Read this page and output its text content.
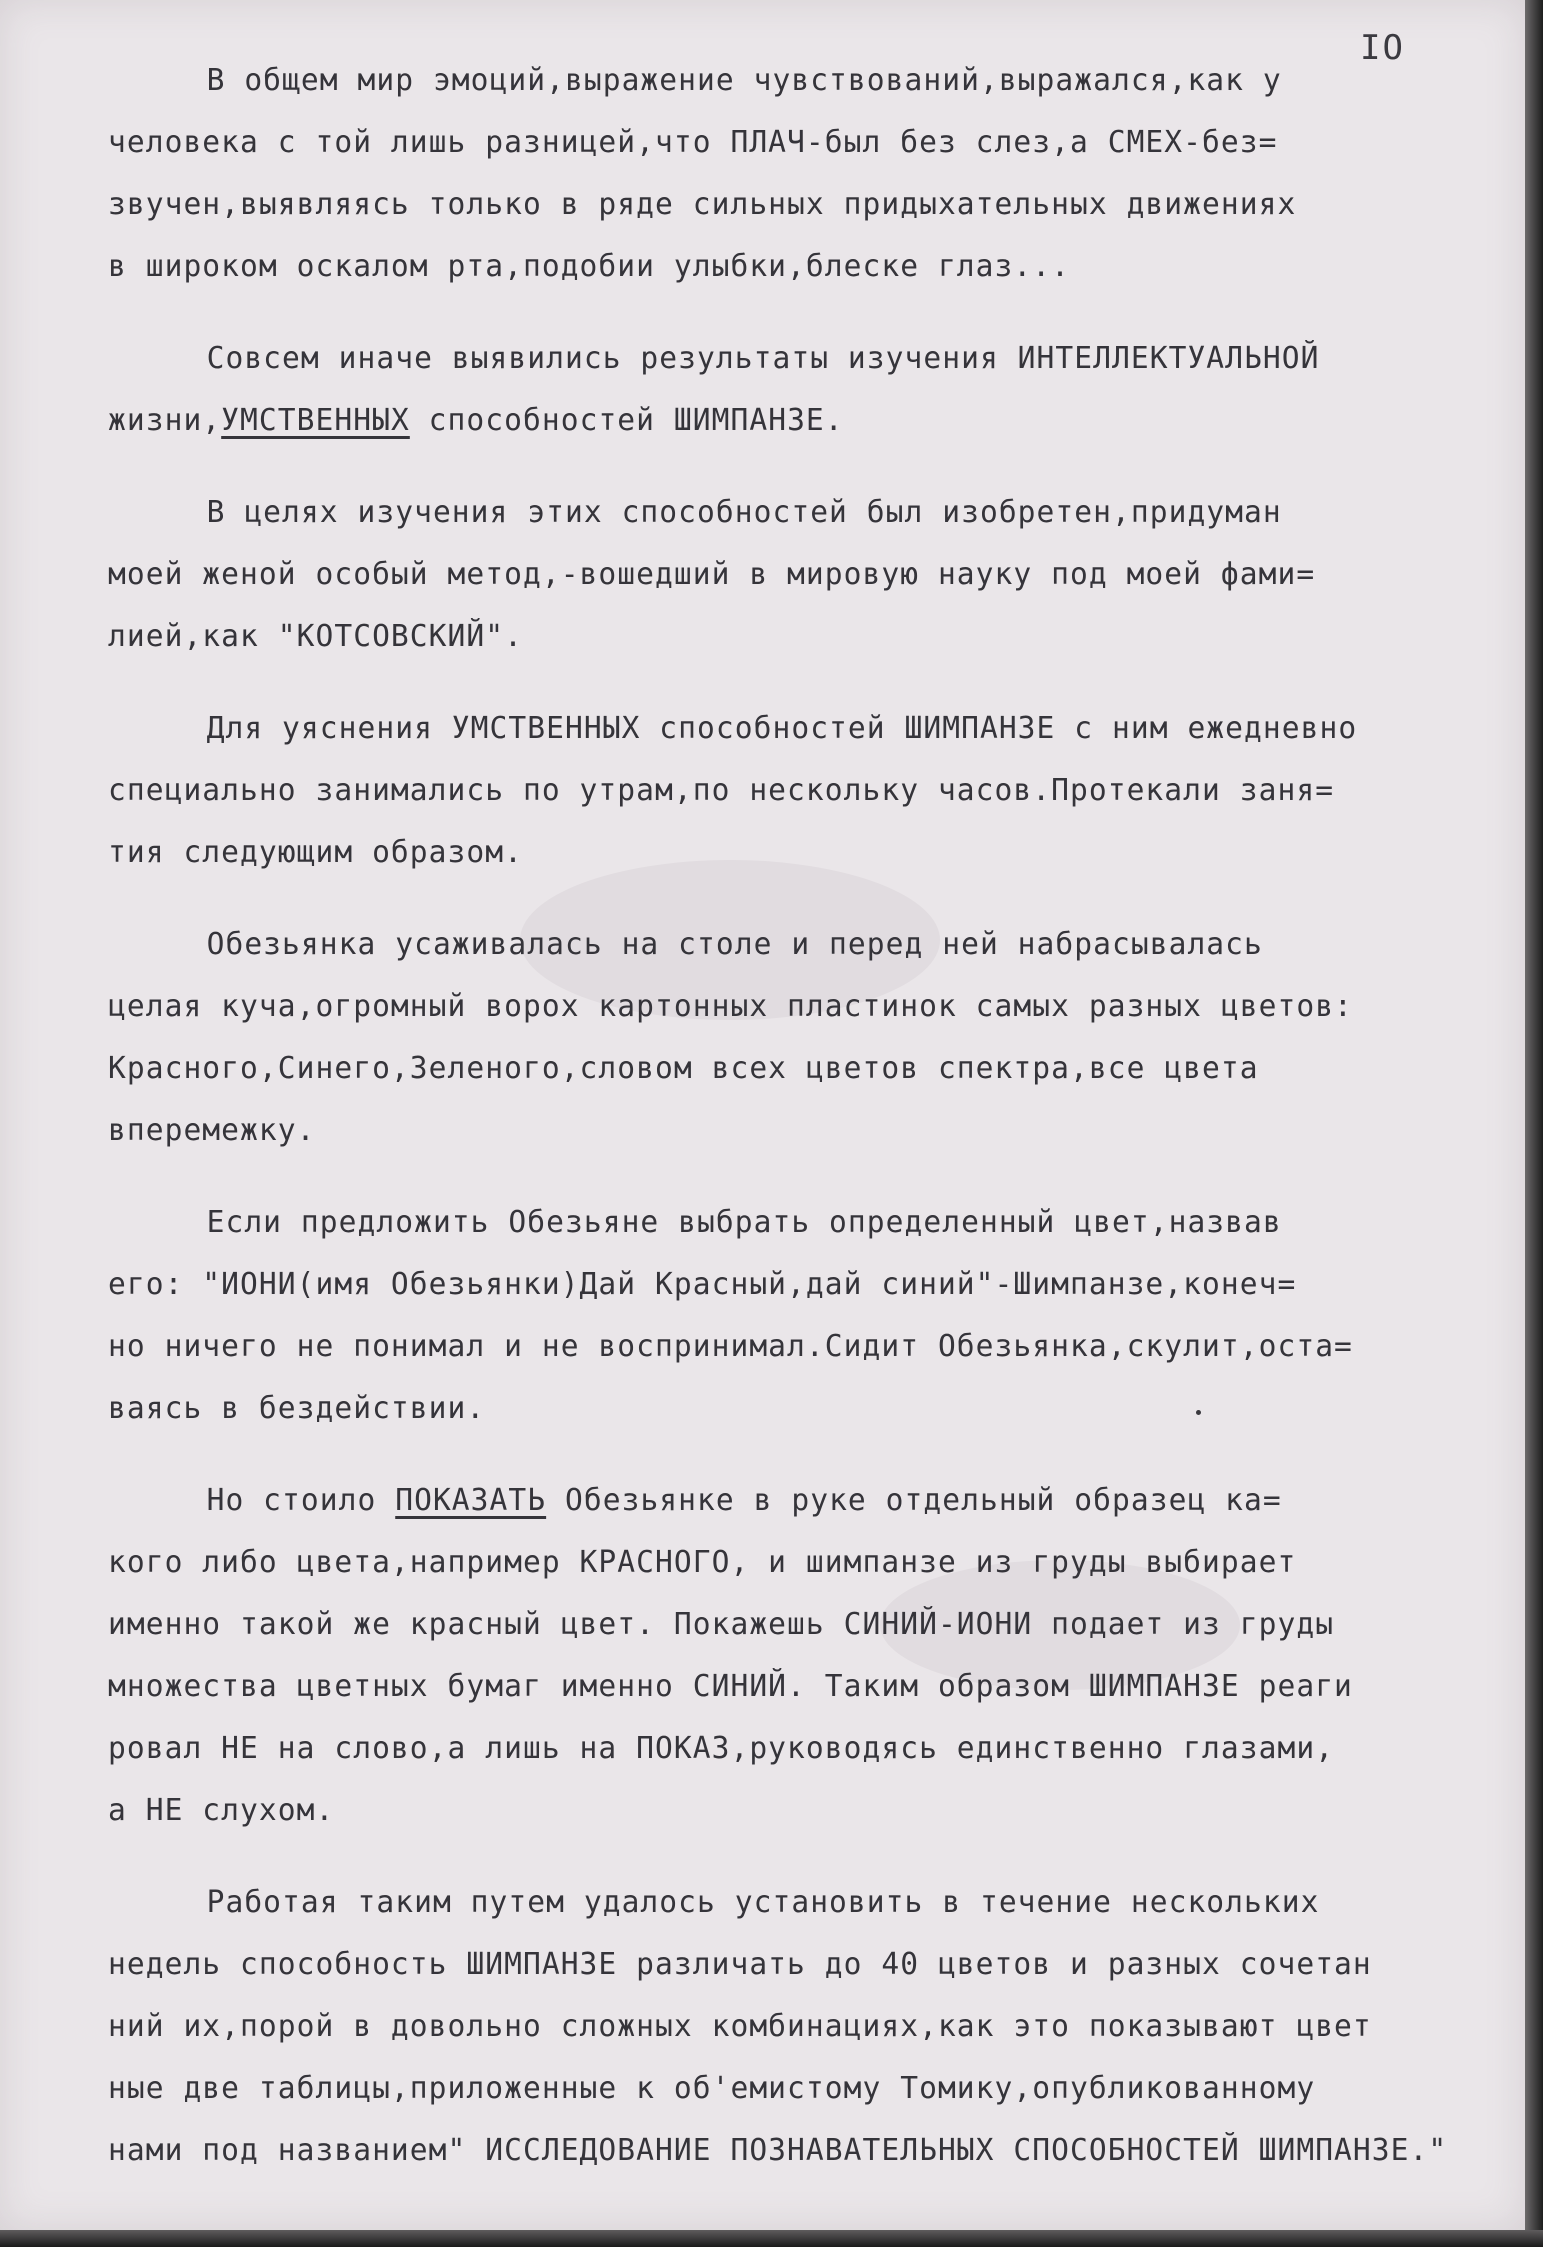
IO
В общем мир эмоций,выражение чувствований,выражался,как у
человека с той лишь разницей,что ПЛАЧ-был без слез,а СМЕХ-без=
звучен,выявляясь только в ряде сильных придыхательных движениях
в широком оскалом рта,подобии улыбки,блеске глаз...
Совсем иначе выявились результаты изучения ИНТЕЛЛЕКТУАЛЬНОЙ
жизни,УМСТВЕННЫХ способностей ШИМПАНЗЕ.
В целях изучения этих способностей был изобретен,придуман
моей женой особый метод,-вошедший в мировую науку под моей фами=
лией,как "КОТСОВСКИЙ".
Для уяснения УМСТВЕННЫХ способностей ШИМПАНЗЕ с ним ежедневно
специально занимались по утрам,по нескольку часов.Протекали заня=
тия следующим образом.
Обезьянка усаживалась на столе и перед ней набрасывалась
целая куча,огромный ворох картонных пластинок самых разных цветов:
Красного,Синего,Зеленого,словом всех цветов спектра,все цвета
вперемежку.
Если предложить Обезьяне выбрать определенный цвет,назвав
его: "ИОНИ(имя Обезьянки)Дай Красный,дай синий"-Шимпанзе,конеч=
но ничего не понимал и не воспринимал.Сидит Обезьянка,скулит,оста=
ваясь в бездействии.
Но стоило ПОКАЗАТЬ Обезьянке в руке отдельный образец ка=
кого либо цвета,например КРАСНОГО, и шимпанзе из груды выбирает
именно такой же красный цвет. Покажешь СИНИЙ-ИОНИ подает из груды
множества цветных бумаг именно СИНИЙ. Таким образом ШИМПАНЗЕ реаги
ровал НЕ на слово,а лишь на ПОКАЗ,руководясь единственно глазами,
а НЕ слухом.
Работая таким путем удалось установить в течение нескольких
недель способность ШИМПАНЗЕ различать до 40 цветов и разных сочетан
ний их,порой в довольно сложных комбинациях,как это показывают цвет
ные две таблицы,приложенные к об'емистому Томику,опубликованному
нами под названием" ИССЛЕДОВАНИЕ ПОЗНАВАТЕЛЬНЫХ СПОСОБНОСТЕЙ ШИМПАНЗЕ."
